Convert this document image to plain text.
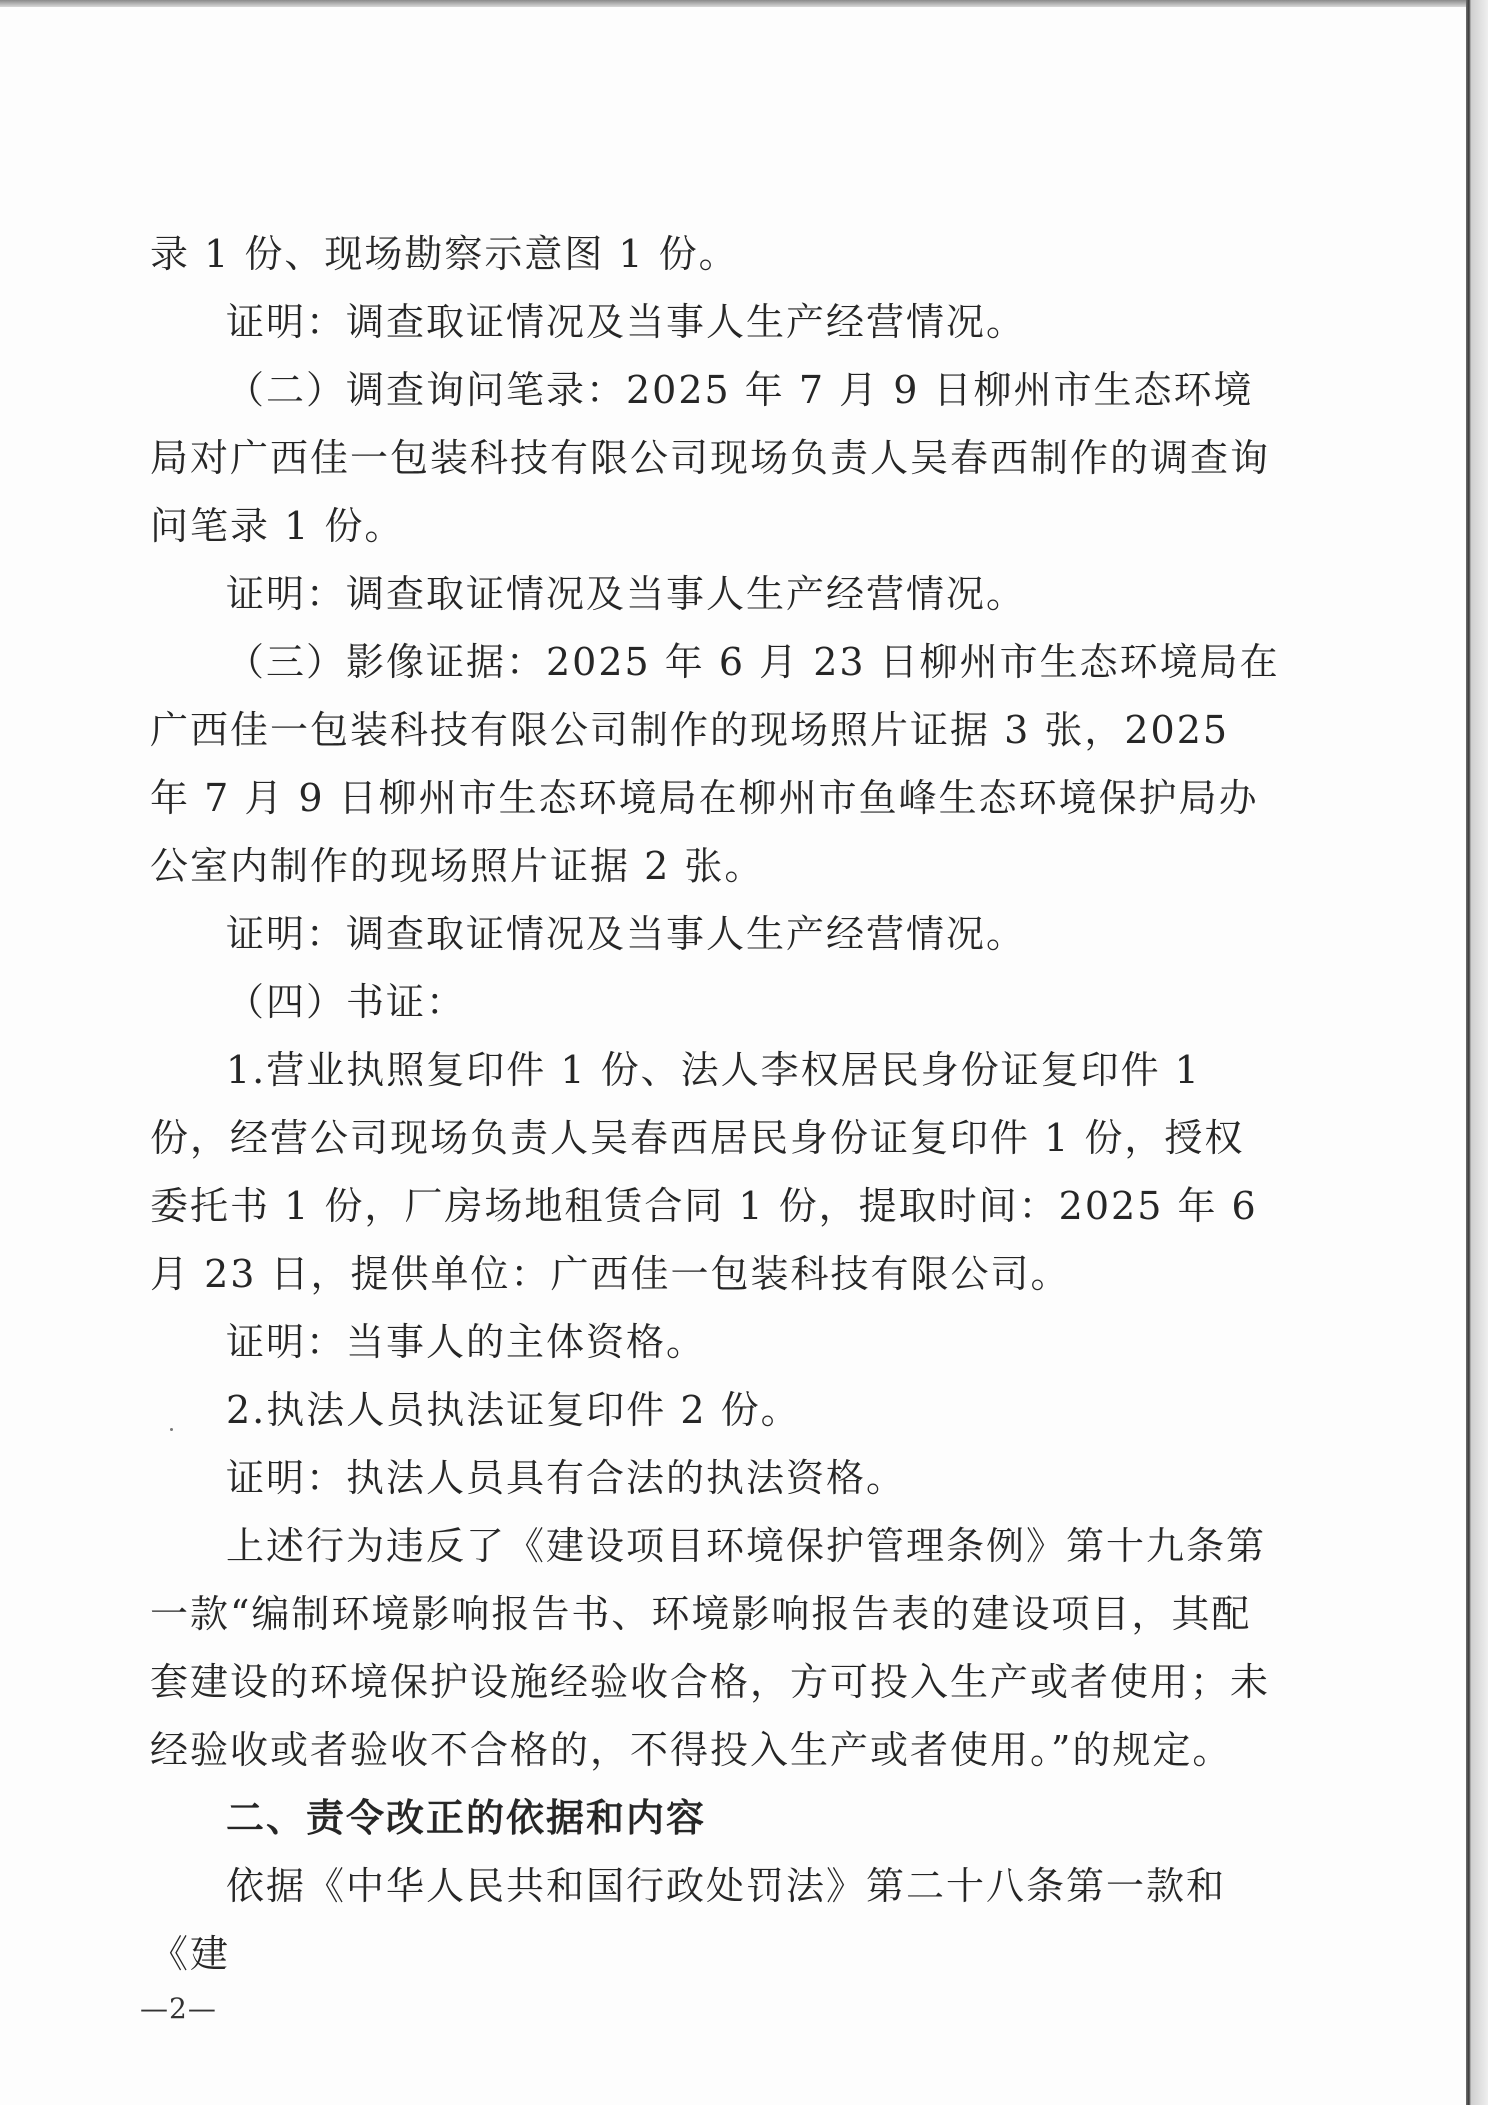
录 1 份、现场勘察示意图 1 份。

证明：调查取证情况及当事人生产经营情况。

（二）调查询问笔录：2025 年 7 月 9 日柳州市生态环境局对广西佳一包装科技有限公司现场负责人吴春西制作的调查询问笔录 1 份。

证明：调查取证情况及当事人生产经营情况。

（三）影像证据：2025 年 6 月 23 日柳州市生态环境局在广西佳一包装科技有限公司制作的现场照片证据 3 张，2025 年 7 月 9 日柳州市生态环境局在柳州市鱼峰生态环境保护局办公室内制作的现场照片证据 2 张。

证明：调查取证情况及当事人生产经营情况。

（四）书证：

1.营业执照复印件 1 份、法人李权居民身份证复印件 1 份，经营公司现场负责人吴春西居民身份证复印件 1 份，授权委托书 1 份，厂房场地租赁合同 1 份，提取时间：2025 年 6 月 23 日，提供单位：广西佳一包装科技有限公司。

证明：当事人的主体资格。

2.执法人员执法证复印件 2 份。

证明：执法人员具有合法的执法资格。

上述行为违反了《建设项目环境保护管理条例》第十九条第一款“编制环境影响报告书、环境影响报告表的建设项目，其配套建设的环境保护设施经验收合格，方可投入生产或者使用；未经验收或者验收不合格的，不得投入生产或者使用。”的规定。

二、责令改正的依据和内容

依据《中华人民共和国行政处罚法》第二十八条第一款和《建

—2—
